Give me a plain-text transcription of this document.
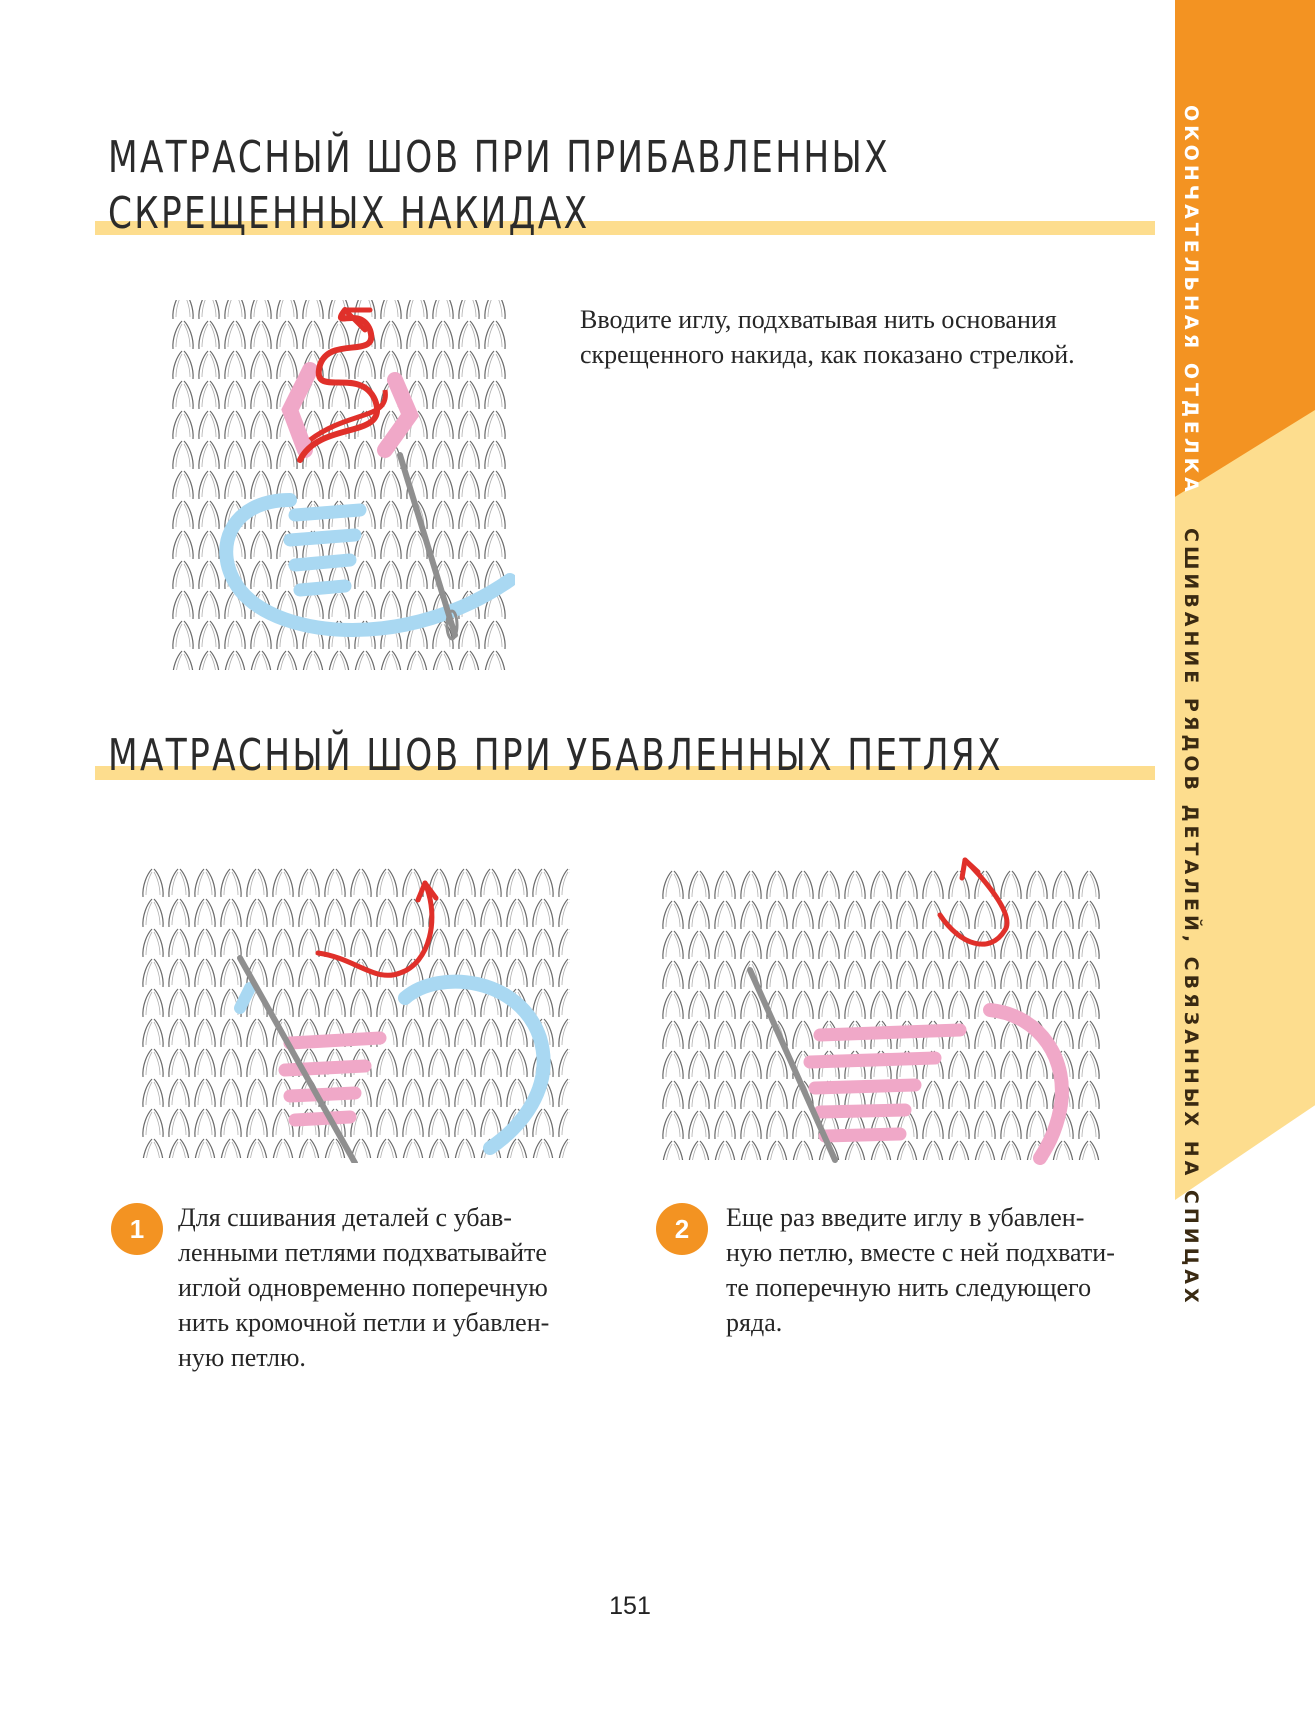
ОКОНЧАТЕЛЬНАЯ ОТДЕЛКА
СШИВАНИЕ РЯДОВ ДЕТАЛЕЙ, СВЯЗАННЫХ НА СПИЦАХ
МАТРАСНЫЙ ШОВ ПРИ ПРИБАВЛЕННЫХ
СКРЕЩЕННЫХ НАКИДАХ

Вводите иглу, подхватывая нить основания
скрещенного накида, как показано стрелкой.

МАТРАСНЫЙ ШОВ ПРИ УБАВЛЕННЫХ ПЕТЛЯХ
1	Для сшивания деталей с убав-
ленными петлями подхватывайте
иглой одновременно поперечную
нить кромочной петли и убавлен-
ную петлю.

2	Еще раз введите иглу в убавлен-
ную петлю, вместе с ней подхвати-
те поперечную нить следующего
ряда.

151
